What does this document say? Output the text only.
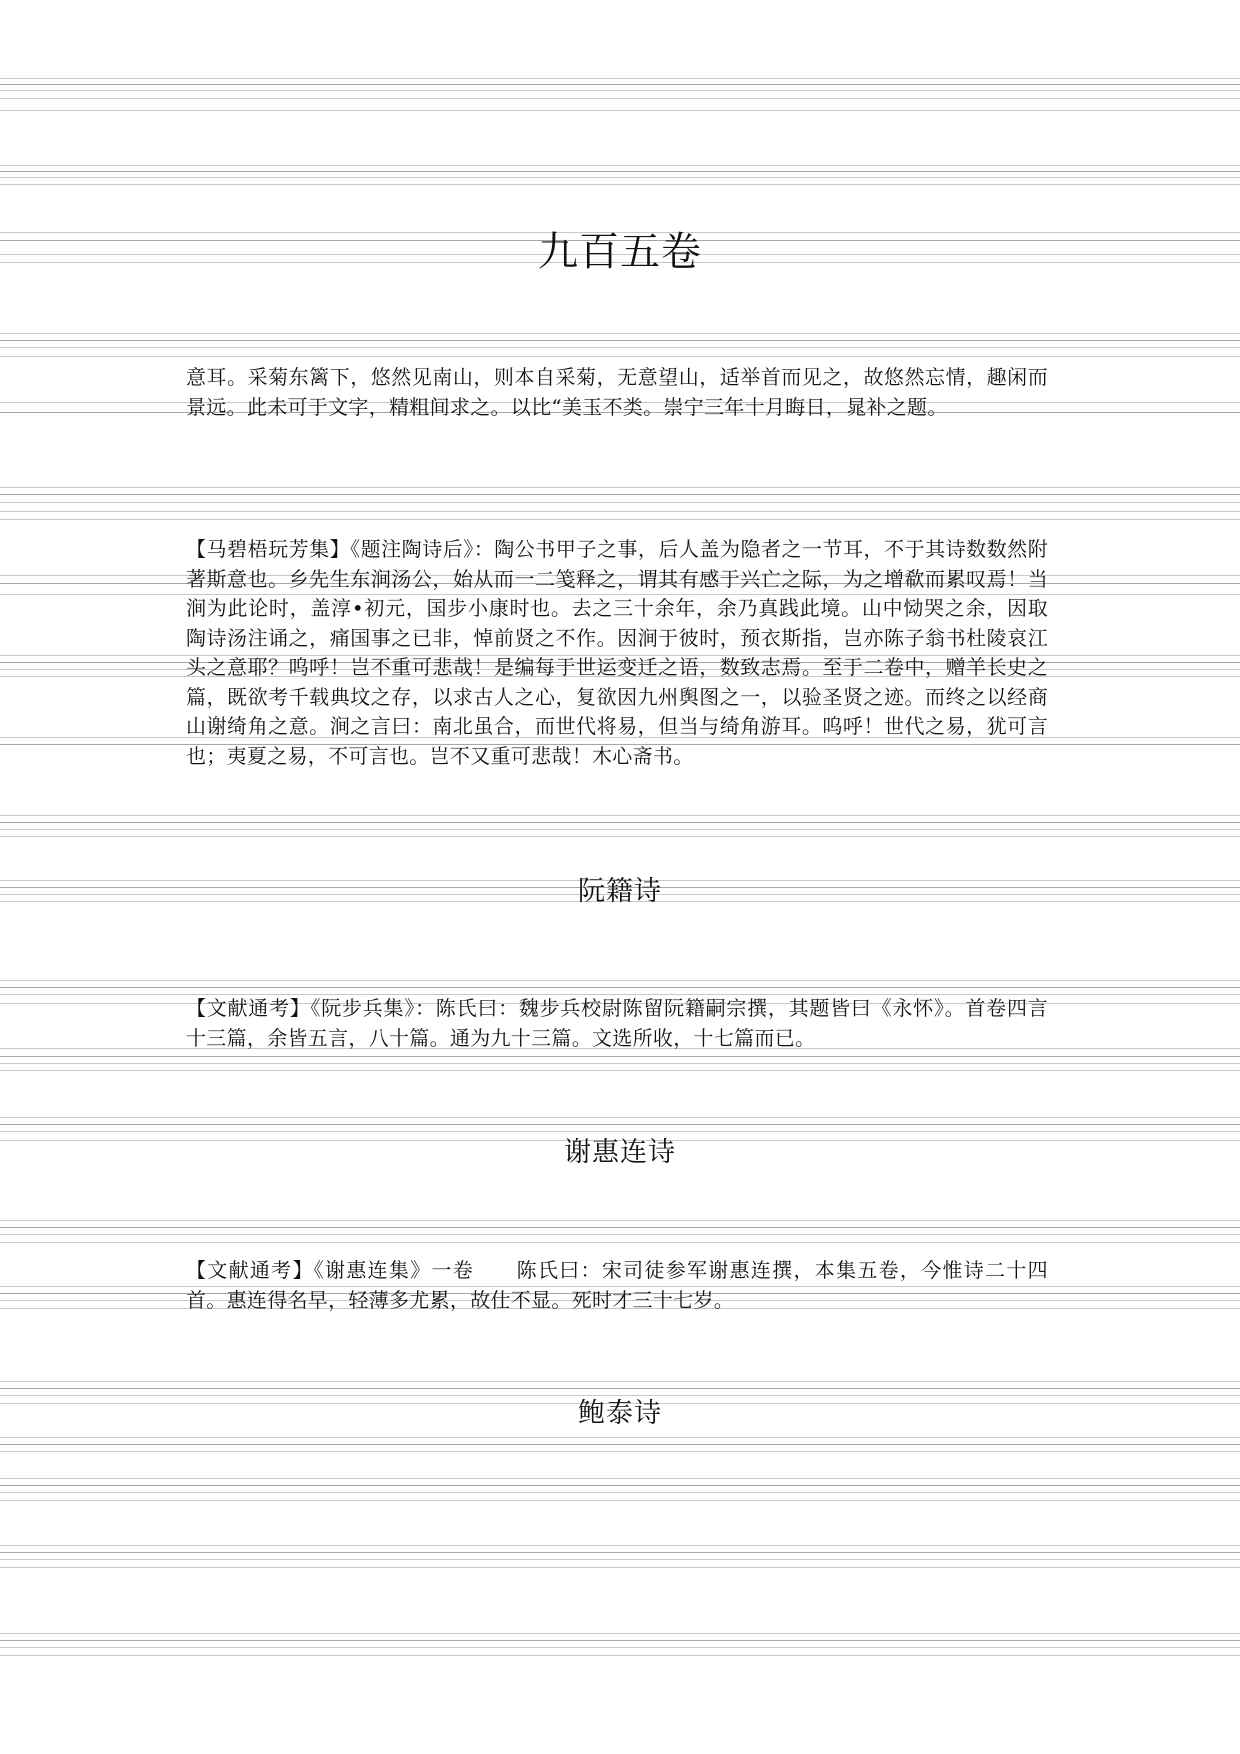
九百五卷

意耳。采菊东篱下，悠然见南山，则本自采菊，无意望山，适举首而见之，故悠然忘情，趣闲而景远。此未可于文字，精粗间求之。以比“美玉不类。崇宁三年十月晦日，晁补之题。

【马碧梧玩芳集】《题注陶诗后》：陶公书甲子之事，后人盖为隐者之一节耳，不于其诗数数然附著斯意也。乡先生东涧汤公，始从而一二笺释之，谓其有感于兴亡之际，为之增欷而累叹焉！当涧为此论时，盖淳•初元，国步小康时也。去之三十余年，余乃真践此境。山中恸哭之余，因取陶诗汤注诵之，痛国事之已非，悼前贤之不作。因涧于彼时，预衣斯指，岂亦陈子翁书杜陵哀江头之意耶？呜呼！岂不重可悲哉！是编每于世运变迁之语，数致志焉。至于二卷中，赠羊长史之篇，既欲考千载典坟之存，以求古人之心，复欲因九州舆图之一，以验圣贤之迹。而终之以经商山谢绮角之意。涧之言曰：南北虽合，而世代将易，但当与绮角游耳。呜呼！世代之易，犹可言也；夷夏之易，不可言也。岂不又重可悲哉！木心斋书。

阮籍诗

【文献通考】《阮步兵集》：陈氏曰：魏步兵校尉陈留阮籍嗣宗撰，其题皆曰《永怀》。首卷四言十三篇，余皆五言，八十篇。通为九十三篇。文选所收，十七篇而已。

谢惠连诗

【文献通考】《谢惠连集》一卷　　陈氏曰：宋司徒参军谢惠连撰，本集五卷，今惟诗二十四首。惠连得名早，轻薄多尤累，故仕不显。死时才三十七岁。

鲍泰诗
